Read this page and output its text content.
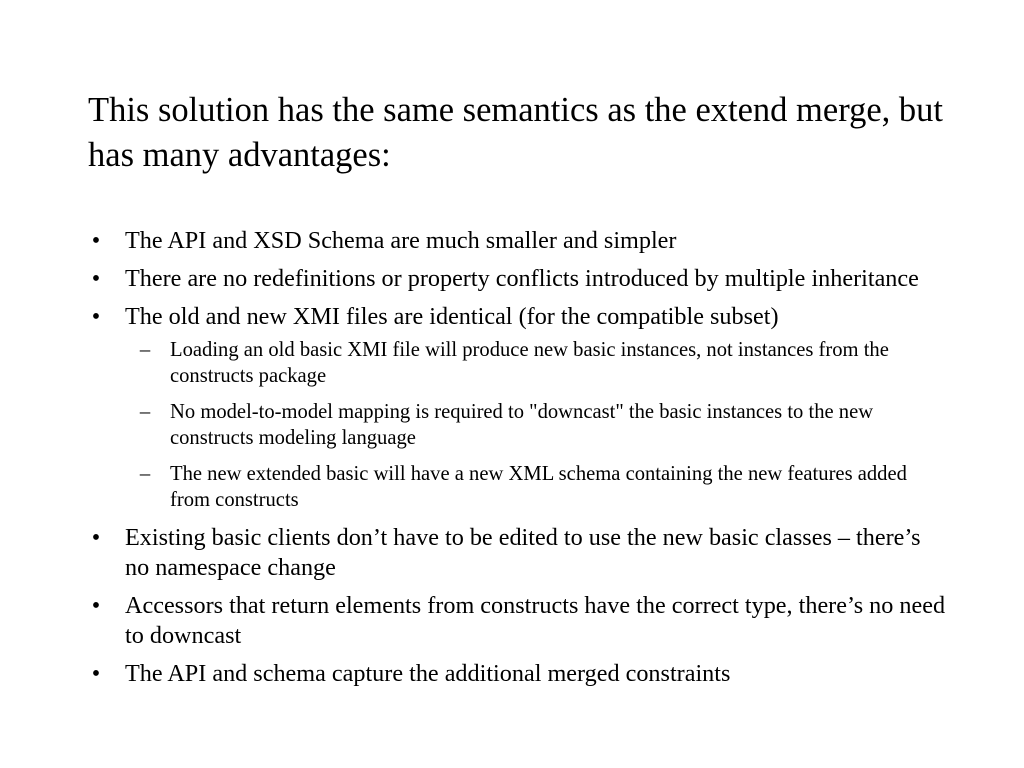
This solution has the same semantics as the extend merge, but has many advantages:
• The API and XSD Schema are much smaller and simpler
• There are no redefinitions or property conflicts introduced by multiple inheritance
• The old and new XMI files are identical (for the compatible subset)
– Loading an old basic XMI file will produce new basic instances, not instances from the constructs package
– No model-to-model mapping is required to "downcast" the basic instances to the new constructs modeling language
– The new extended basic will have a new XML schema containing the new features added from constructs
• Existing basic clients don’t have to be edited to use the new basic classes – there’s no namespace change
• Accessors that return elements from constructs have the correct type, there’s no need to downcast
• The API and schema capture the additional merged constraints
